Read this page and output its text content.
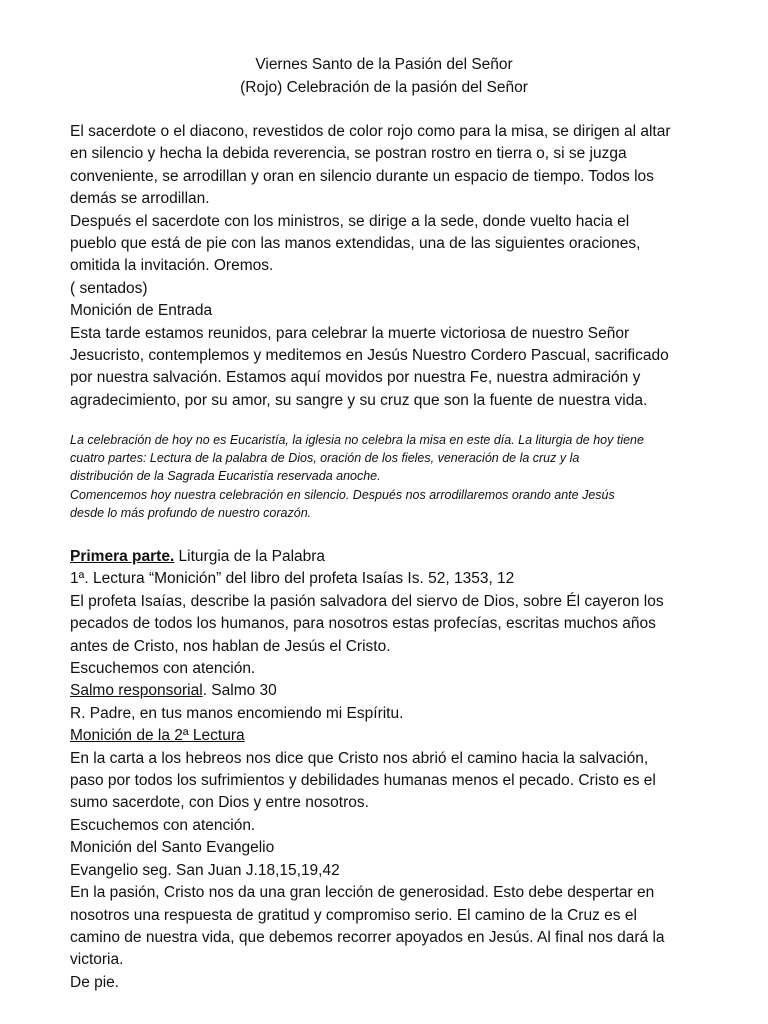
Viernes Santo de la Pasión del Señor
(Rojo) Celebración de la pasión del Señor
El sacerdote o el diacono, revestidos de color rojo como para la misa, se dirigen al altar
en silencio y hecha la debida reverencia, se postran rostro en tierra o, si se juzga
conveniente, se arrodillan y oran en silencio durante un espacio de tiempo. Todos los
demás se arrodillan.
Después el sacerdote con los ministros, se dirige a la sede, donde vuelto hacia el
pueblo que está de pie con las manos extendidas, una de las siguientes oraciones,
omitida la invitación. Oremos.
( sentados)
Monición de Entrada
Esta tarde estamos reunidos, para celebrar la muerte victoriosa de nuestro Señor
Jesucristo, contemplemos y meditemos en Jesús Nuestro Cordero Pascual, sacrificado
por nuestra salvación. Estamos aquí movidos por nuestra Fe, nuestra admiración y
agradecimiento, por su amor, su sangre y su cruz que son la fuente de nuestra vida.
La celebración de hoy no es Eucaristía, la iglesia no celebra la misa en este día. La liturgia de hoy tiene
cuatro partes: Lectura de la palabra de Dios, oración de los fieles, veneración de la cruz y la
distribución de la Sagrada Eucaristía reservada anoche.
Comencemos hoy nuestra celebración en silencio. Después nos arrodillaremos orando ante Jesús
desde lo más profundo de nuestro corazón.
Primera parte. Liturgia de la Palabra
1ª. Lectura “Monición” del libro del profeta Isaías Is. 52, 1353, 12
El profeta Isaías, describe la pasión salvadora del siervo de Dios, sobre Él cayeron los
pecados de todos los humanos, para nosotros estas profecías, escritas muchos años
antes de Cristo, nos hablan de Jesús el Cristo.
Escuchemos con atención.
Salmo responsorial. Salmo 30
R. Padre, en tus manos encomiendo mi Espíritu.
Monición de la 2ª Lectura
En la carta a los hebreos nos dice que Cristo nos abrió el camino hacia la salvación,
paso por todos los sufrimientos y debilidades humanas menos el pecado. Cristo es el
sumo sacerdote, con Dios y entre nosotros.
Escuchemos con atención.
Monición del Santo Evangelio
Evangelio seg. San Juan J.18,15,19,42
En la pasión, Cristo nos da una gran lección de generosidad. Esto debe despertar en
nosotros una respuesta de gratitud y compromiso serio. El camino de la Cruz es el
camino de nuestra vida, que debemos recorrer apoyados en Jesús. Al final nos dará la
victoria.
De pie.
